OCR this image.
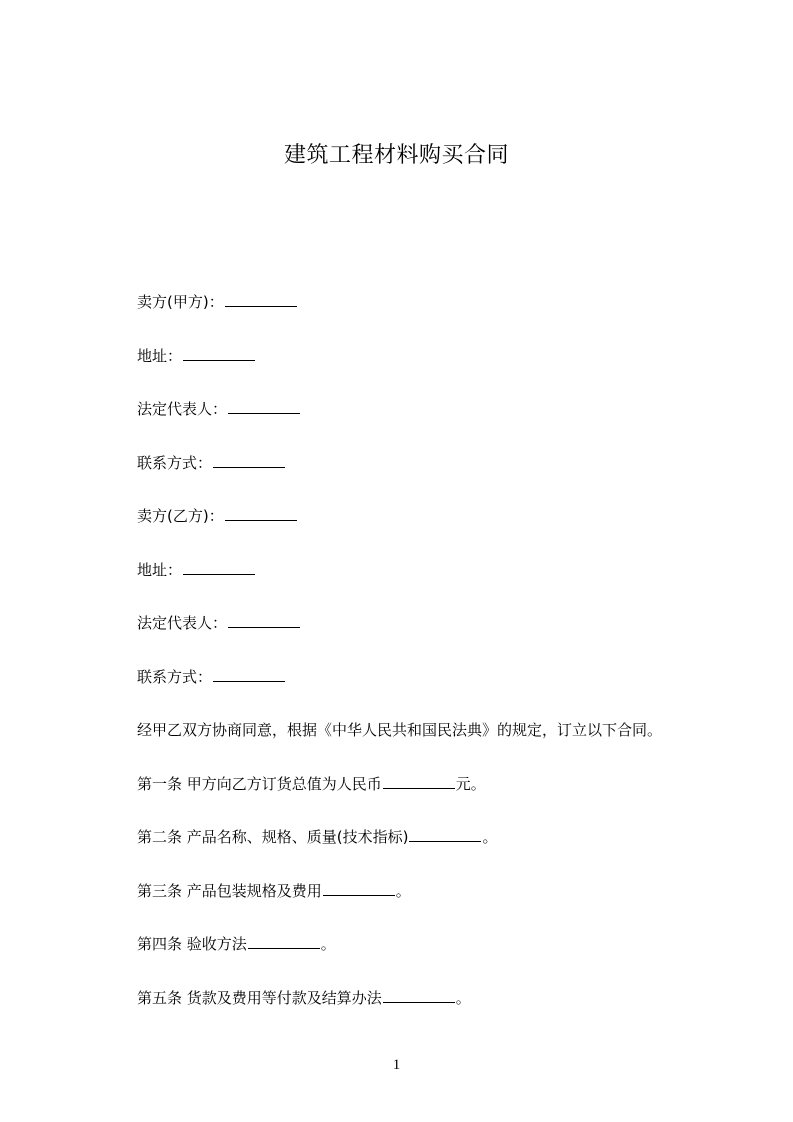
建筑工程材料购买合同
卖方(甲方)：
地址：
法定代表人：
联系方式：
卖方(乙方)：
地址：
法定代表人：
联系方式：
经甲乙双方协商同意，根据《中华人民共和国民法典》的规定，订立以下合同。
第一条 甲方向乙方订货总值为人民币	元。
第二条 产品名称、规格、质量(技术指标)	。
第三条 产品包装规格及费用	。
第四条 验收方法	。
第五条 货款及费用等付款及结算办法	。
1
